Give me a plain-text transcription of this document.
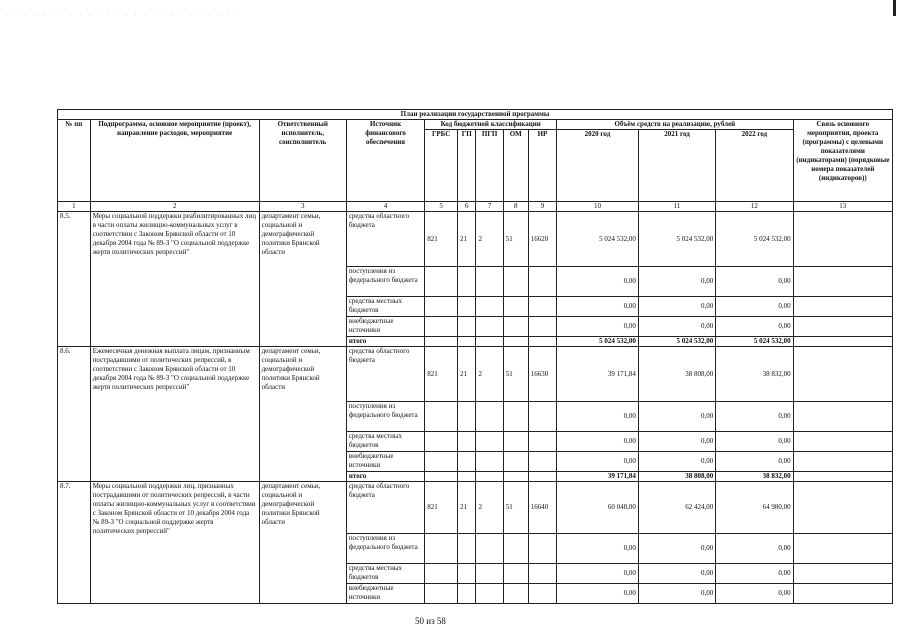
· · · · · · · · · · · · · · · · · · · · · · · · · ·
План реализации государственной программы												
№ пп	Подпрограмма, основное мероприятие (проект), направление расходов, мероприятие	Ответственный исполнитель, соисполнитель	Источник финансового обеспечения	Код бюджетной классификации					Объём средств на реализацию, рублей			Связь основного мероприятия, проекта (программы) с целевыми показателями (индикаторами) (порядковые номера показателей (индикаторов))
				ГРБС	ГП	ПГП	ОМ	НР	2020 год	2021 год	2022 год	
1	2	3	4	5	6	7	8	9	10	11	12	13
8.5.	Меры социальной поддержки реабилитированных лиц в части оплаты жилищно-коммунальных услуг в соответствии с Законом Брянской области от 10 декабря 2004 года № 89-З "О социальной поддержке жертв политических репрессий"	департамент семьи, социальной и демографической политики Брянской области	средства областного бюджета	821	21	2	51	16620	5 024 532,00	5 024 532,00	5 024 532,00	
			поступления из федерального бюджета						0,00	0,00	0,00	
			средства местных бюджетов						0,00	0,00	0,00	
			внебюджетные источники						0,00	0,00	0,00	
			итого						5 024 532,00	5 024 532,00	5 024 532,00	
8.6.	Ежемесячная денежная выплата лицам, признанным пострадавшими от политических репрессий, в соответствии с Законом Брянской области от 10 декабря 2004 года № 89-З "О социальной поддержке жертв политических репрессий"	департамент семьи, социальной и демографической политики Брянской области	средства областного бюджета	821	21	2	51	16630	39 171,84	38 808,00	38 832,00	
			поступления из федерального бюджета						0,00	0,00	0,00	
			средства местных бюджетов						0,00	0,00	0,00	
			внебюджетные источники						0,00	0,00	0,00	
			итого						39 171,84	38 808,00	38 832,00	
8.7.	Меры социальной поддержки лиц, признанных пострадавшими от политических репрессий, в части оплаты жилищно-коммунальных услуг в соответствии с Законом Брянской области от 10 декабря 2004 года № 89-З "О социальной поддержке жертв политических репрессий"	департамент семьи, социальной и демографической политики Брянской области	средства областного бюджета	821	21	2	51	16640	60 048,00	62 424,00	64 980,00	
			поступления из федерального бюджета						0,00	0,00	0,00	
			средства местных бюджетов						0,00	0,00	0,00	
			внебюджетные источники						0,00	0,00	0,00	
50 из 58
